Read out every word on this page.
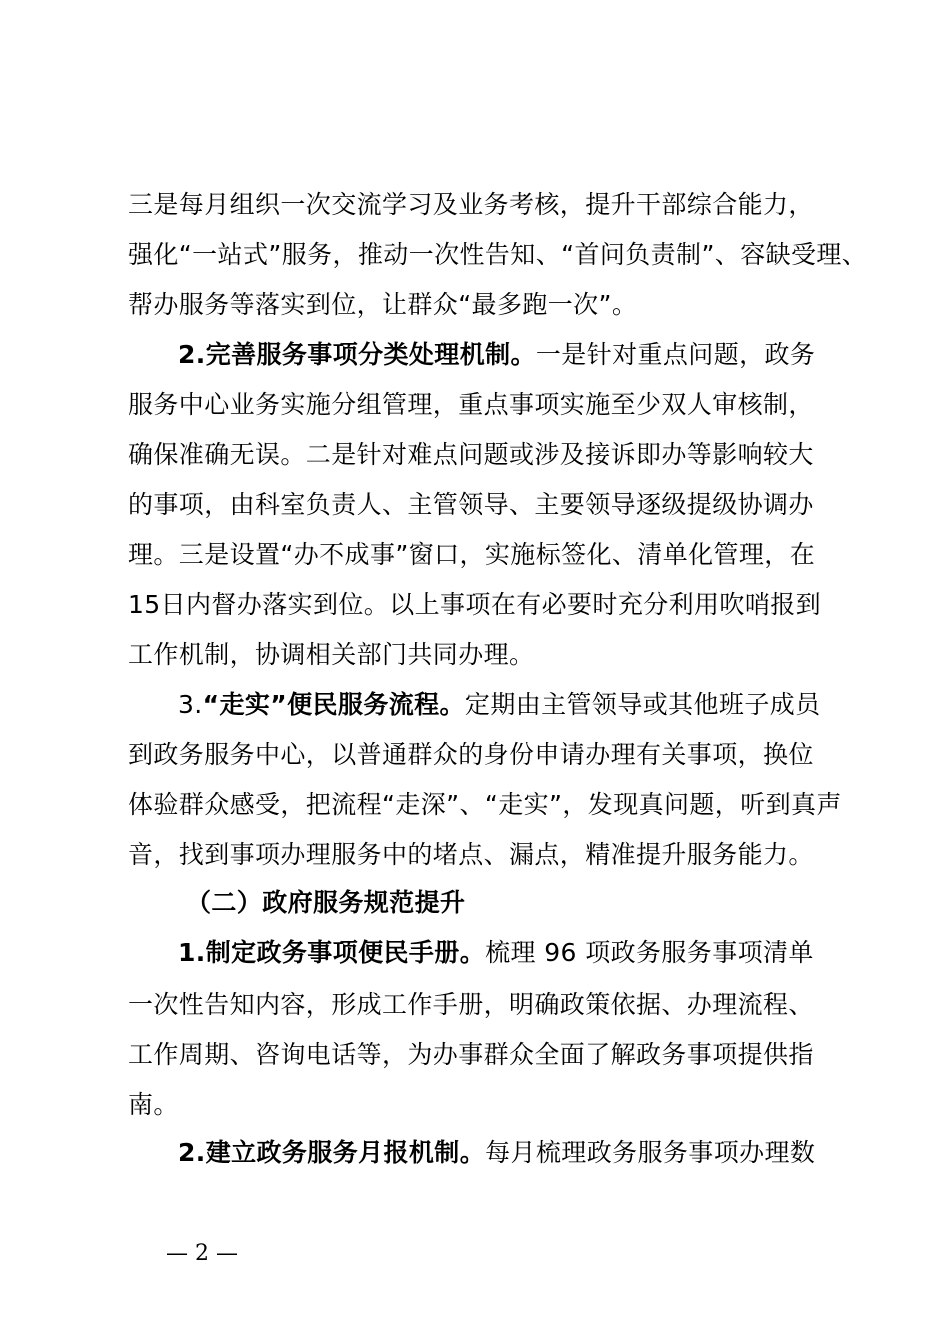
三是每月组织一次交流学习及业务考核，提升干部综合能力，
强化“一站式”服务，推动一次性告知、“首问负责制”、容缺受理、
帮办服务等落实到位，让群众“最多跑一次”。
2.完善服务事项分类处理机制。一是针对重点问题，政务
服务中心业务实施分组管理，重点事项实施至少双人审核制，
确保准确无误。二是针对难点问题或涉及接诉即办等影响较大
的事项，由科室负责人、主管领导、主要领导逐级提级协调办
理。三是设置“办不成事”窗口，实施标签化、清单化管理，在
15日内督办落实到位。以上事项在有必要时充分利用吹哨报到
工作机制，协调相关部门共同办理。
3.“走实”便民服务流程。定期由主管领导或其他班子成员
到政务服务中心，以普通群众的身份申请办理有关事项，换位
体验群众感受，把流程“走深”、“走实”，发现真问题，听到真声
音，找到事项办理服务中的堵点、漏点，精准提升服务能力。
（二）政府服务规范提升
1.制定政务事项便民手册。梳理 96 项政务服务事项清单
一次性告知内容，形成工作手册，明确政策依据、办理流程、
工作周期、咨询电话等，为办事群众全面了解政务事项提供指
南。
2.建立政务服务月报机制。每月梳理政务服务事项办理数
— 2 —
